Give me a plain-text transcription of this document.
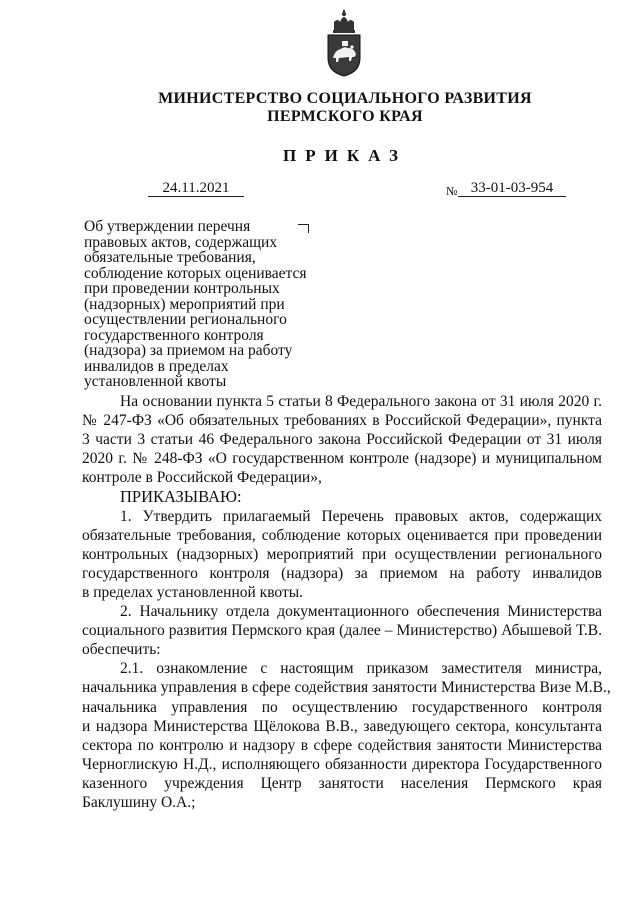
МИНИСТЕРСТВО СОЦИАЛЬНОГО РАЗВИТИЯ
ПЕРМСКОГО КРАЯ
ПРИКАЗ
24.11.2021	№ 33-01-03-954

Об утверждении перечня
правовых актов, содержащих
обязательные требования,
соблюдение которых оценивается
при проведении контрольных
(надзорных) мероприятий при
осуществлении регионального
государственного контроля
(надзора) за приемом на работу
инвалидов в пределах
установленной квоты

На основании пункта 5 статьи 8 Федерального закона от 31 июля 2020 г.
№ 247-ФЗ «Об обязательных требованиях в Российской Федерации», пункта
3 части 3 статьи 46 Федерального закона Российской Федерации от 31 июля
2020 г. № 248-ФЗ «О государственном контроле (надзоре) и муниципальном
контроле в Российской Федерации»,
ПРИКАЗЫВАЮ:
1. Утвердить прилагаемый Перечень правовых актов, содержащих
обязательные требования, соблюдение которых оценивается при проведении
контрольных (надзорных) мероприятий при осуществлении регионального
государственного контроля (надзора) за приемом на работу инвалидов
в пределах установленной квоты.
2. Начальнику отдела документационного обеспечения Министерства
социального развития Пермского края (далее – Министерство) Абышевой Т.В.
обеспечить:
2.1. ознакомление с настоящим приказом заместителя министра,
начальника управления в сфере содействия занятости Министерства Визе М.В.,
начальника управления по осуществлению государственного контроля
и надзора Министерства Щёлокова В.В., заведующего сектора, консультанта
сектора по контролю и надзору в сфере содействия занятости Министерства
Черноглискую Н.Д., исполняющего обязанности директора Государственного
казенного учреждения Центр занятости населения Пермского края
Баклушину О.А.;
